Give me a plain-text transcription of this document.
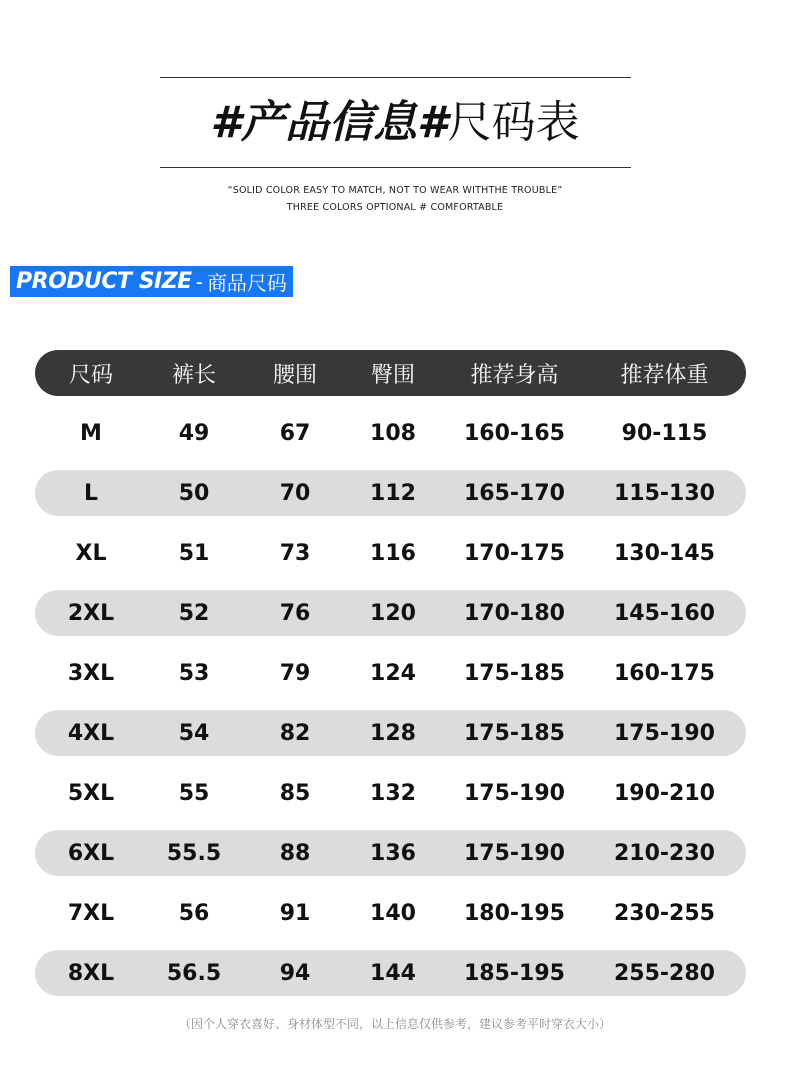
#产品信息#尺码表
“SOLID COLOR EASY TO MATCH, NOT TO WEAR WITHTHE TROUBLE”
THREE COLORS OPTIONAL # COMFORTABLE
PRODUCT SIZE - 商品尺码
尺码	裤长	腰围	臀围	推荐身高	推荐体重
M	49	67	108	160-165	90-115
L	50	70	112	165-170	115-130
XL	51	73	116	170-175	130-145
2XL	52	76	120	170-180	145-160
3XL	53	79	124	175-185	160-175
4XL	54	82	128	175-185	175-190
5XL	55	85	132	175-190	190-210
6XL	55.5	88	136	175-190	210-230
7XL	56	91	140	180-195	230-255
8XL	56.5	94	144	185-195	255-280
（因个人穿衣喜好、身材体型不同，以上信息仅供参考，建议参考平时穿衣大小）
